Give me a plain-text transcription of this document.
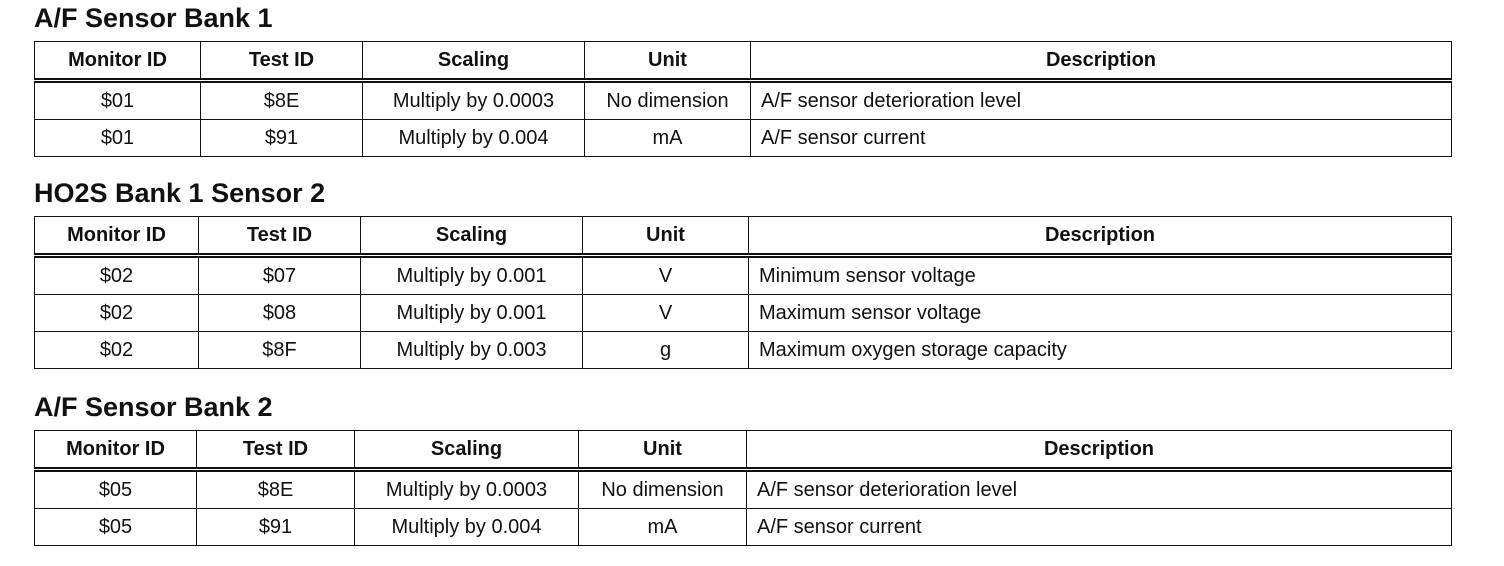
A/F Sensor Bank 1
Monitor ID	Test ID	Scaling	Unit	Description
$01	$8E	Multiply by 0.0003	No dimension	A/F sensor deterioration level
$01	$91	Multiply by 0.004	mA	A/F sensor current
HO2S Bank 1 Sensor 2
Monitor ID	Test ID	Scaling	Unit	Description
$02	$07	Multiply by 0.001	V	Minimum sensor voltage
$02	$08	Multiply by 0.001	V	Maximum sensor voltage
$02	$8F	Multiply by 0.003	g	Maximum oxygen storage capacity
A/F Sensor Bank 2
Monitor ID	Test ID	Scaling	Unit	Description
$05	$8E	Multiply by 0.0003	No dimension	A/F sensor deterioration level
$05	$91	Multiply by 0.004	mA	A/F sensor current
